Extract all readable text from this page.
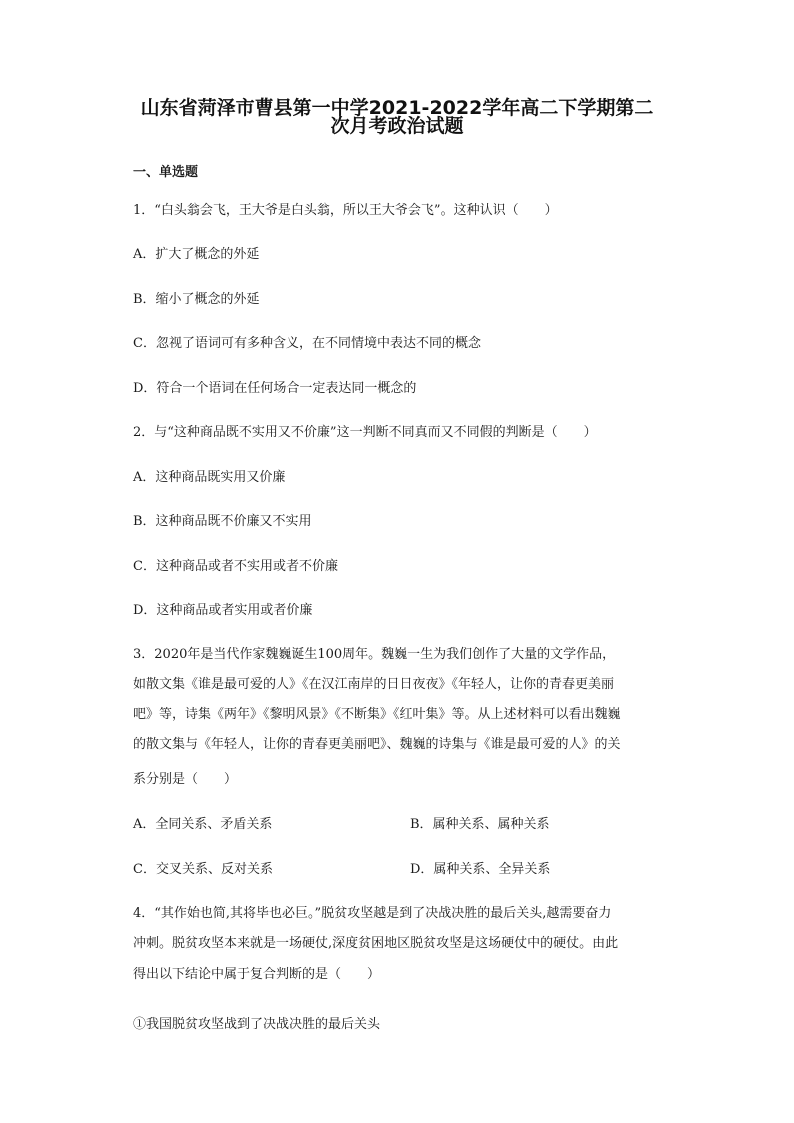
山东省菏泽市曹县第一中学2021-2022学年高二下学期第二
次月考政治试题
一、单选题
1．“白头翁会飞，王大爷是白头翁，所以王大爷会飞”。这种认识（　　）
A．扩大了概念的外延
B．缩小了概念的外延
C．忽视了语词可有多种含义，在不同情境中表达不同的概念
D．符合一个语词在任何场合一定表达同一概念的
2．与“这种商品既不实用又不价廉”这一判断不同真而又不同假的判断是（　　）
A．这种商品既实用又价廉
B．这种商品既不价廉又不实用
C．这种商品或者不实用或者不价廉
D．这种商品或者实用或者价廉
3．2020年是当代作家魏巍诞生100周年。魏巍一生为我们创作了大量的文学作品，
如散文集《谁是最可爱的人》《在汉江南岸的日日夜夜》《年轻人，让你的青春更美丽
吧》等，诗集《两年》《黎明风景》《不断集》《红叶集》等。从上述材料可以看出魏巍
的散文集与《年轻人，让你的青春更美丽吧》、魏巍的诗集与《谁是最可爱的人》的关
系分别是（　　）
A．全同关系、矛盾关系	B．属种关系、属种关系
C．交叉关系、反对关系	D．属种关系、全异关系
4．“其作始也简,其将毕也必巨。”脱贫攻坚越是到了决战决胜的最后关头,越需要奋力
冲刺。脱贫攻坚本来就是一场硬仗,深度贫困地区脱贫攻坚是这场硬仗中的硬仗。由此
得出以下结论中属于复合判断的是（　　）
①我国脱贫攻坚战到了决战决胜的最后关头
